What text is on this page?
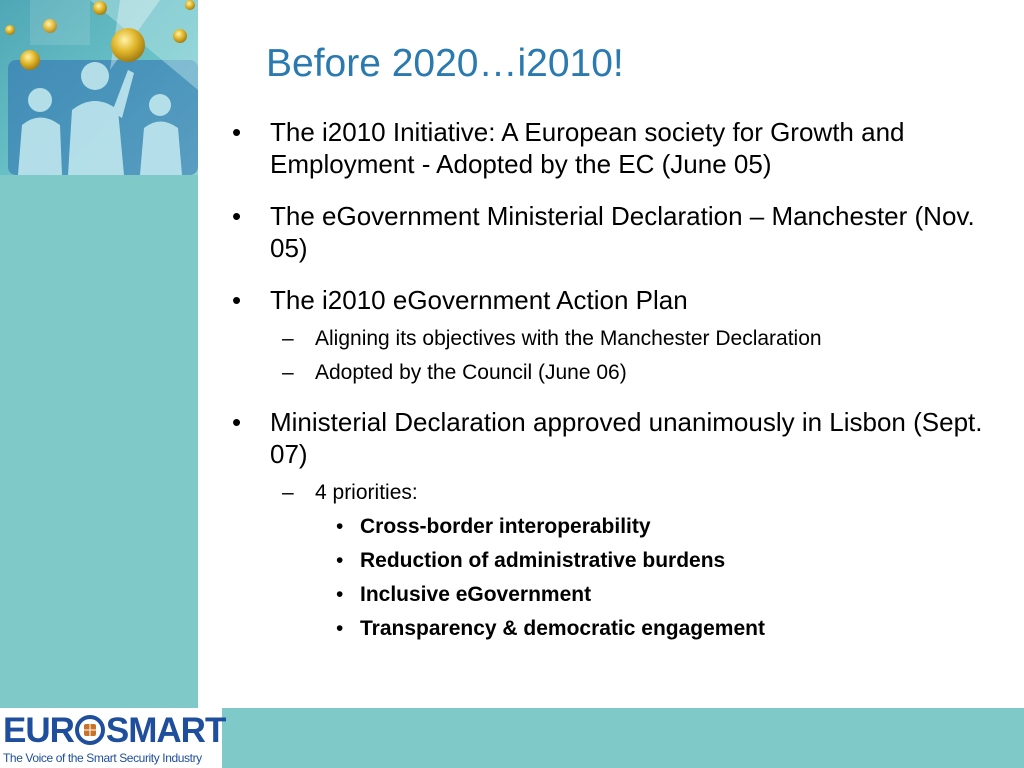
EUR SMART
The Voice of the Smart Security Industry
Before 2020…i2010!
• The i2010 Initiative: A European society for Growth and Employment - Adopted by the EC (June 05)
• The eGovernment Ministerial Declaration – Manchester (Nov. 05)
• The i2010 eGovernment Action Plan
– Aligning its objectives with the Manchester Declaration
– Adopted by the Council (June 06)
• Ministerial Declaration approved unanimously in Lisbon (Sept. 07)
– 4 priorities:
• Cross-border interoperability
• Reduction of administrative burdens
• Inclusive eGovernment
• Transparency & democratic engagement
